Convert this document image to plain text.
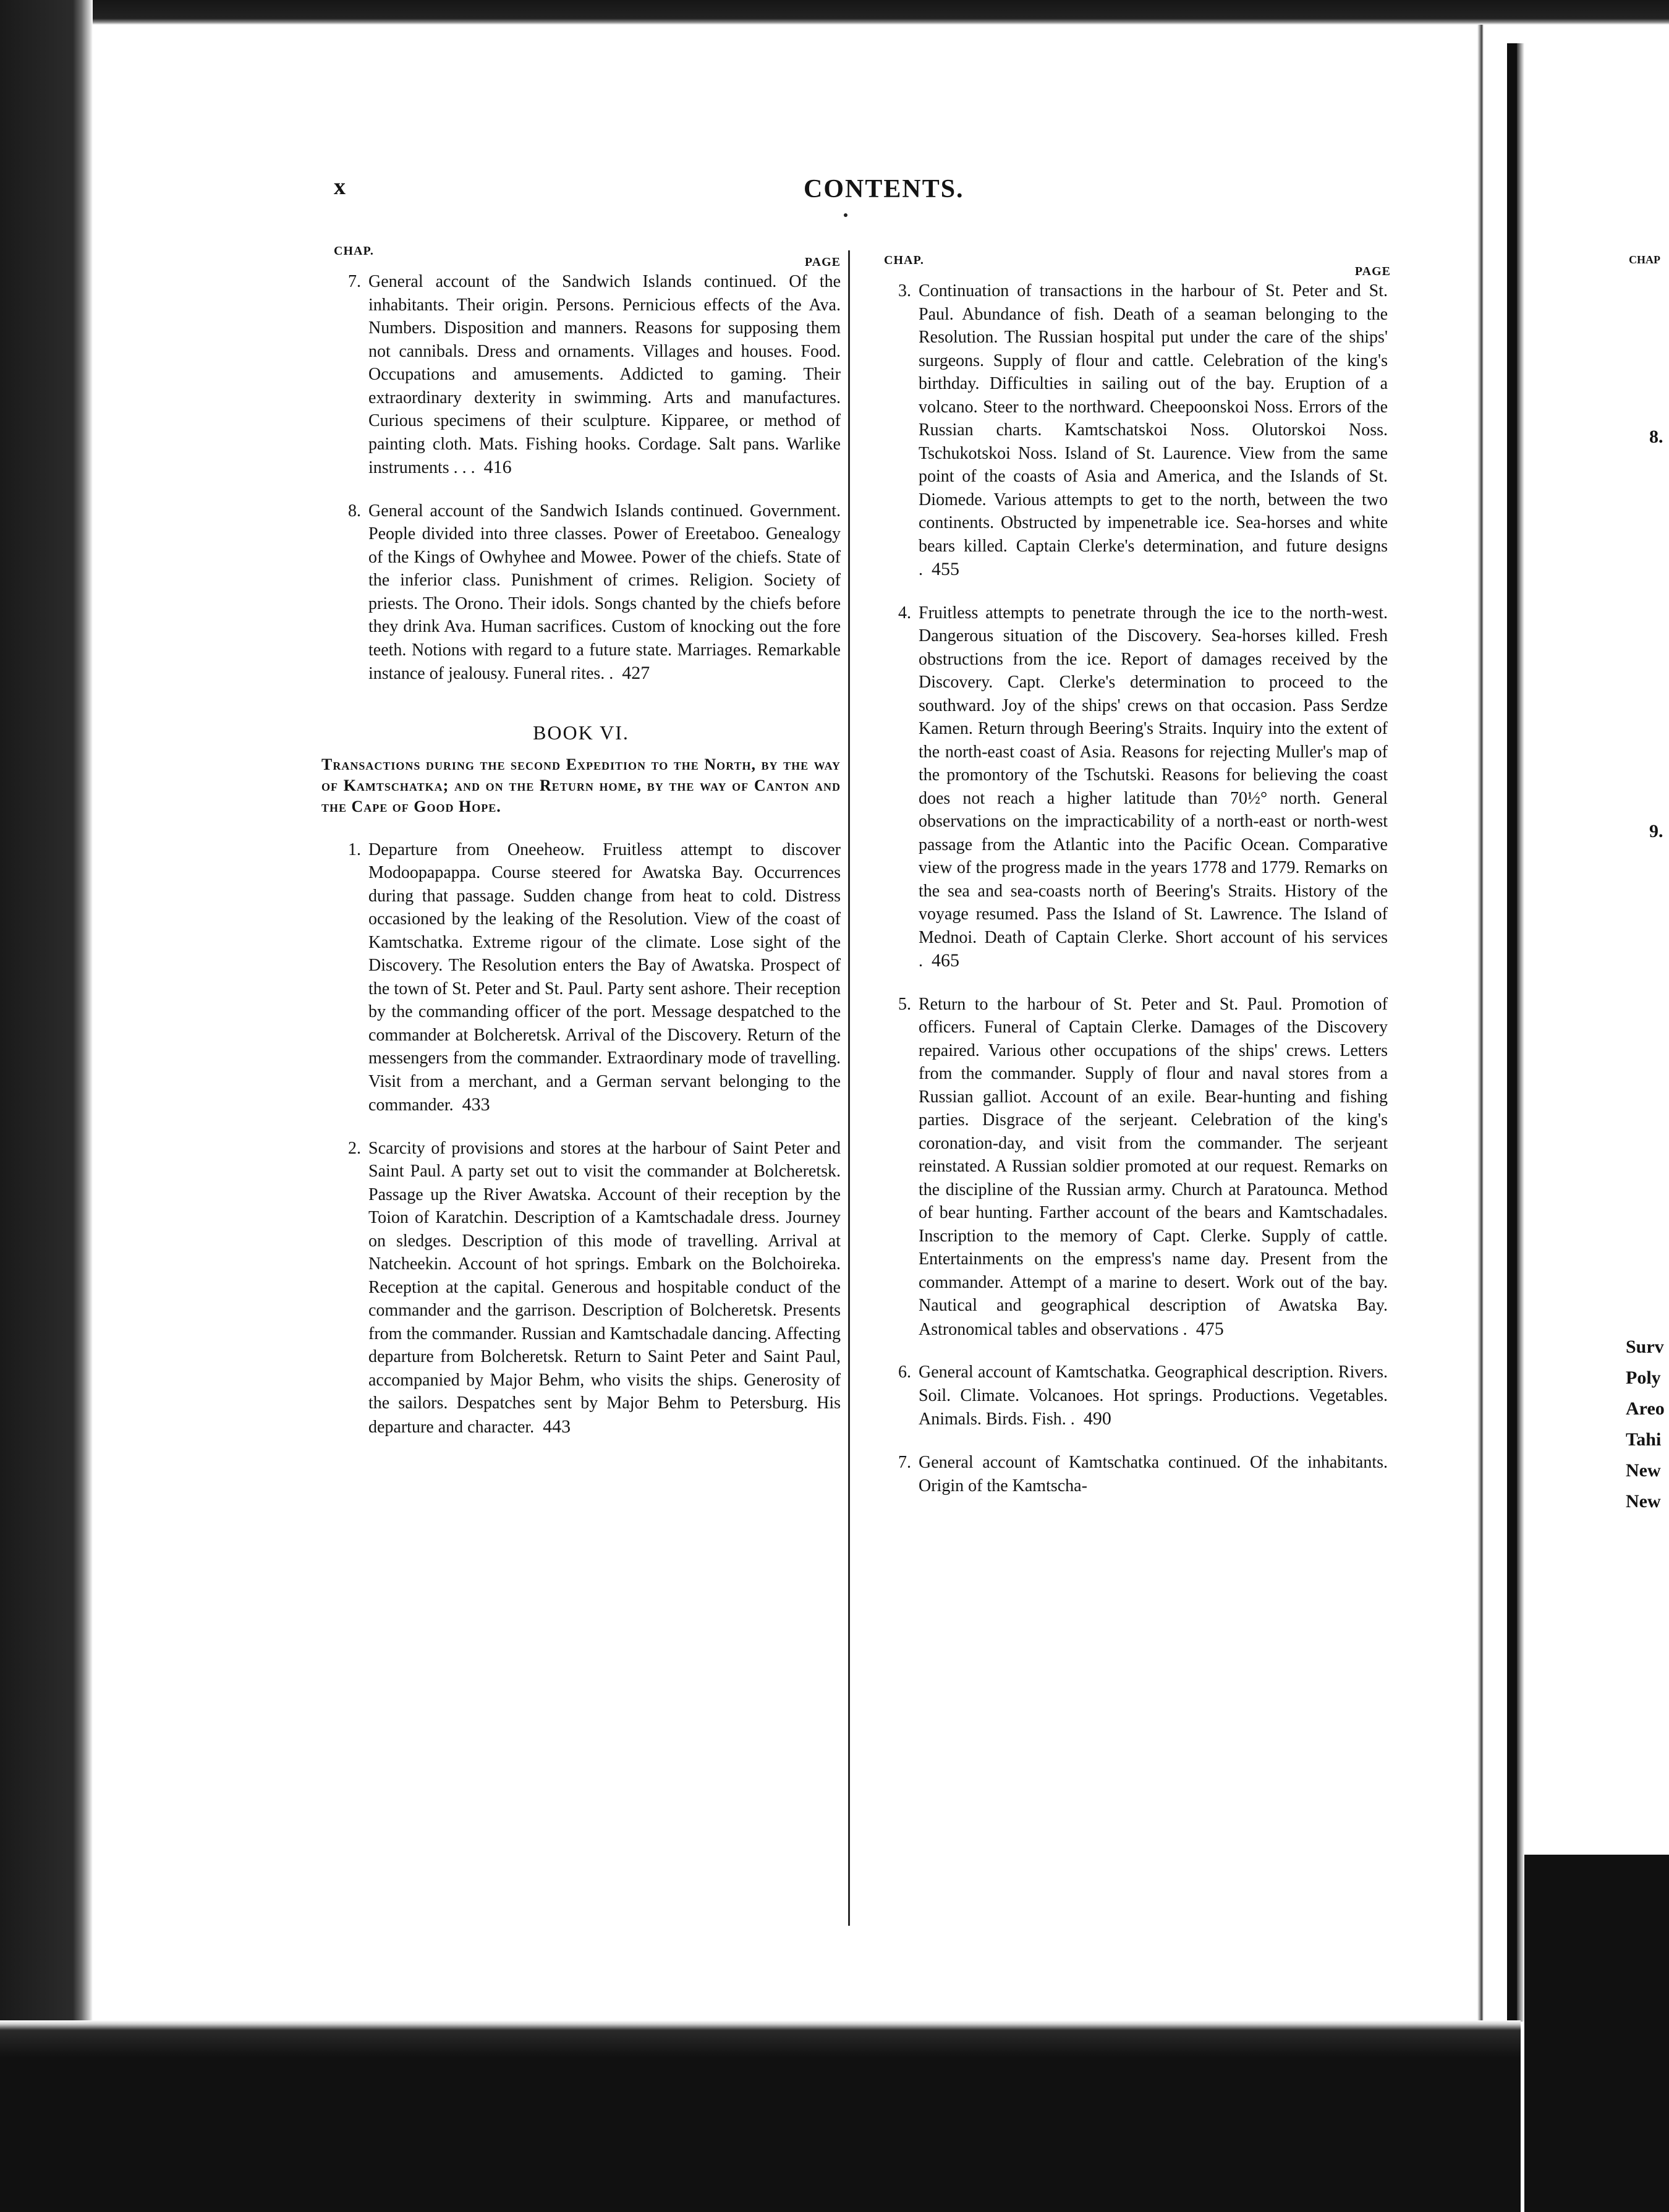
x	CONTENTS.
CHAP.
PAGE
7. General account of the Sandwich Islands continued. Of the inhabitants. Their origin. Persons. Pernicious effects of the Ava. Numbers. Disposition and manners. Reasons for supposing them not cannibals. Dress and ornaments. Villages and houses. Food. Occupations and amusements. Addicted to gaming. Their extraordinary dexterity in swimming. Arts and manufactures. Curious specimens of their sculpture. Kipparee, or method of painting cloth. Mats. Fishing hooks. Cordage. Salt pans. Warlike instruments . . . 416
8. General account of the Sandwich Islands continued. Government. People divided into three classes. Power of Ereetaboo. Genealogy of the Kings of Owhyhee and Mowee. Power of the chiefs. State of the inferior class. Punishment of crimes. Religion. Society of priests. The Orono. Their idols. Songs chanted by the chiefs before they drink Ava. Human sacrifices. Custom of knocking out the fore teeth. Notions with regard to a future state. Marriages. Remarkable instance of jealousy. Funeral rites. . 427
BOOK VI.
Transactions during the second Expedition to the North, by the way of Kamtschatka; and on the Return home, by the way of Canton and the Cape of Good Hope.
1. Departure from Oneeheow. Fruitless attempt to discover Modoopapappa. Course steered for Awatska Bay. Occurrences during that passage. Sudden change from heat to cold. Distress occasioned by the leaking of the Resolution. View of the coast of Kamtschatka. Extreme rigour of the climate. Lose sight of the Discovery. The Resolution enters the Bay of Awatska. Prospect of the town of St. Peter and St. Paul. Party sent ashore. Their reception by the commanding officer of the port. Message despatched to the commander at Bolcheretsk. Arrival of the Discovery. Return of the messengers from the commander. Extraordinary mode of travelling. Visit from a merchant, and a German servant belonging to the commander. 433
2. Scarcity of provisions and stores at the harbour of Saint Peter and Saint Paul. A party set out to visit the commander at Bolcheretsk. Passage up the River Awatska. Account of their reception by the Toion of Karatchin. Description of a Kamtschadale dress. Journey on sledges. Description of this mode of travelling. Arrival at Natcheekin. Account of hot springs. Embark on the Bolchoireka. Reception at the capital. Generous and hospitable conduct of the commander and the garrison. Description of Bolcheretsk. Presents from the commander. Russian and Kamtschadale dancing. Affecting departure from Bolcheretsk. Return to Saint Peter and Saint Paul, accompanied by Major Behm, who visits the ships. Generosity of the sailors. Despatches sent by Major Behm to Petersburg. His departure and character. 443
CHAP.
PAGE
3. Continuation of transactions in the harbour of St. Peter and St. Paul. Abundance of fish. Death of a seaman belonging to the Resolution. The Russian hospital put under the care of the ships' surgeons. Supply of flour and cattle. Celebration of the king's birthday. Difficulties in sailing out of the bay. Eruption of a volcano. Steer to the northward. Cheepoonskoi Noss. Errors of the Russian charts. Kamtschatskoi Noss. Olutorskoi Noss. Tschukotskoi Noss. Island of St. Laurence. View from the same point of the coasts of Asia and America, and the Islands of St. Diomede. Various attempts to get to the north, between the two continents. Obstructed by impenetrable ice. Sea-horses and white bears killed. Captain Clerke's determination, and future designs . 455
4. Fruitless attempts to penetrate through the ice to the north-west. Dangerous situation of the Discovery. Sea-horses killed. Fresh obstructions from the ice. Report of damages received by the Discovery. Capt. Clerke's determination to proceed to the southward. Joy of the ships' crews on that occasion. Pass Serdze Kamen. Return through Beering's Straits. Inquiry into the extent of the north-east coast of Asia. Reasons for rejecting Muller's map of the promontory of the Tschutski. Reasons for believing the coast does not reach a higher latitude than 70½° north. General observations on the impracticability of a north-east or north-west passage from the Atlantic into the Pacific Ocean. Comparative view of the progress made in the years 1778 and 1779. Remarks on the sea and sea-coasts north of Beering's Straits. History of the voyage resumed. Pass the Island of St. Lawrence. The Island of Mednoi. Death of Captain Clerke. Short account of his services . 465
5. Return to the harbour of St. Peter and St. Paul. Promotion of officers. Funeral of Captain Clerke. Damages of the Discovery repaired. Various other occupations of the ships' crews. Letters from the commander. Supply of flour and naval stores from a Russian galliot. Account of an exile. Bear-hunting and fishing parties. Disgrace of the serjeant. Celebration of the king's coronation-day, and visit from the commander. The serjeant reinstated. A Russian soldier promoted at our request. Remarks on the discipline of the Russian army. Church at Paratounca. Method of bear hunting. Farther account of the bears and Kamtschadales. Inscription to the memory of Capt. Clerke. Supply of cattle. Entertainments on the empress's name day. Present from the commander. Attempt of a marine to desert. Work out of the bay. Nautical and geographical description of Awatska Bay. Astronomical tables and observations . 475
6. General account of Kamtschatka. Geographical description. Rivers. Soil. Climate. Volcanoes. Hot springs. Productions. Vegetables. Animals. Birds. Fish. . 490
7. General account of Kamtschatka continued. Of the inhabitants. Origin of the Kamtscha-
CHAP
8.
9.
Surv
Poly
Areo
Tahi
New
New
